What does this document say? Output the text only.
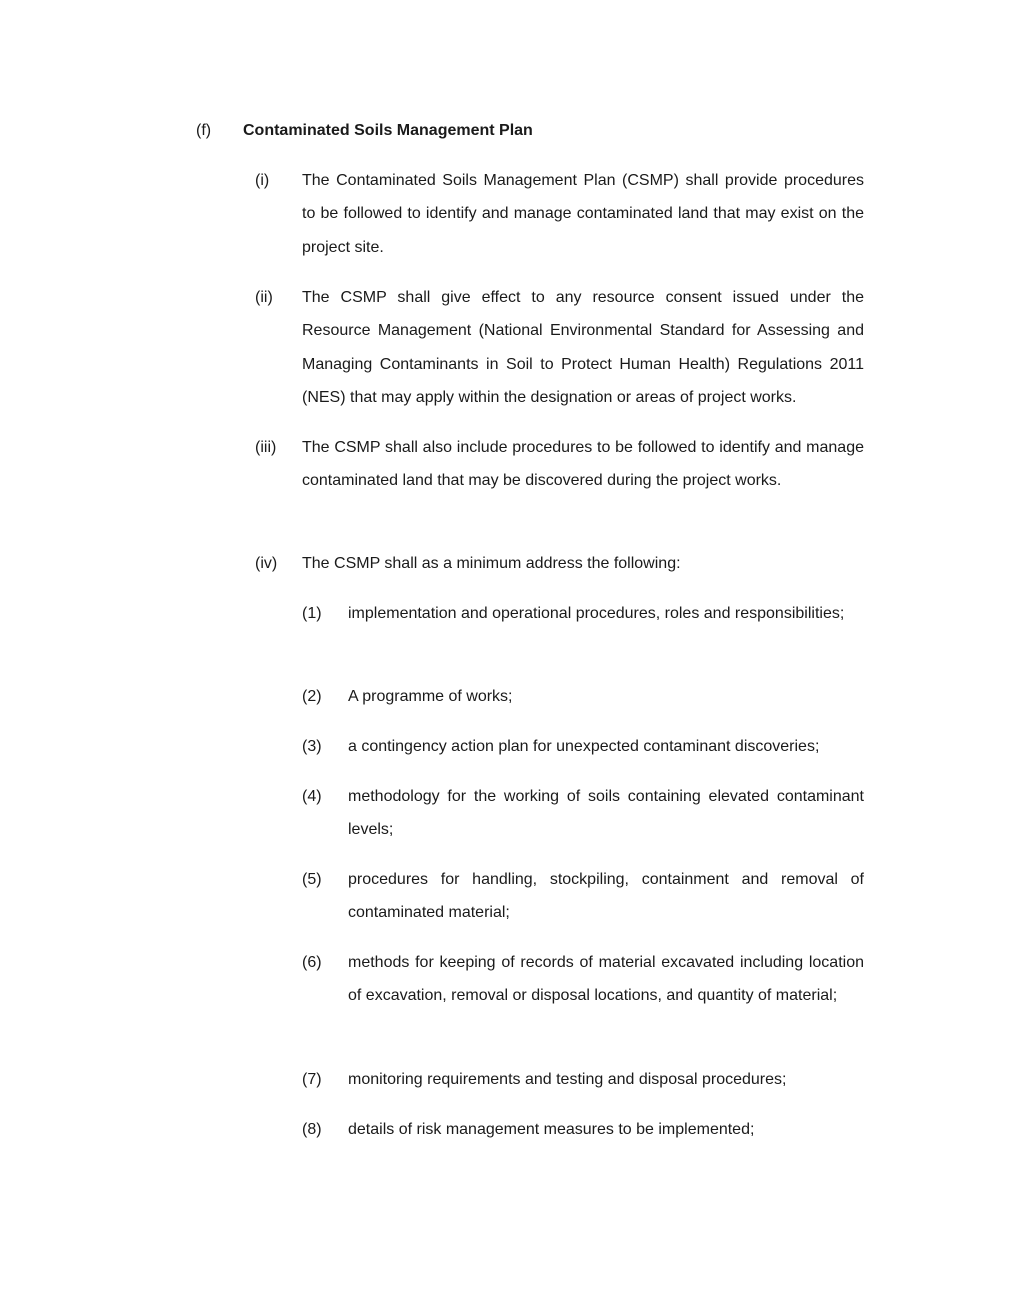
(f) Contaminated Soils Management Plan
(i) The Contaminated Soils Management Plan (CSMP) shall provide procedures to be followed to identify and manage contaminated land that may exist on the project site.
(ii) The CSMP shall give effect to any resource consent issued under the Resource Management (National Environmental Standard for Assessing and Managing Contaminants in Soil to Protect Human Health) Regulations 2011 (NES) that may apply within the designation or areas of project works.
(iii) The CSMP shall also include procedures to be followed to identify and manage contaminated land that may be discovered during the project works.
(iv) The CSMP shall as a minimum address the following:
(1) implementation and operational procedures, roles and responsibilities;
(2) A programme of works;
(3) a contingency action plan for unexpected contaminant discoveries;
(4) methodology for the working of soils containing elevated contaminant levels;
(5) procedures for handling, stockpiling, containment and removal of contaminated material;
(6) methods for keeping of records of material excavated including location of excavation, removal or disposal locations, and quantity of material;
(7) monitoring requirements and testing and disposal procedures;
(8) details of risk management measures to be implemented;
